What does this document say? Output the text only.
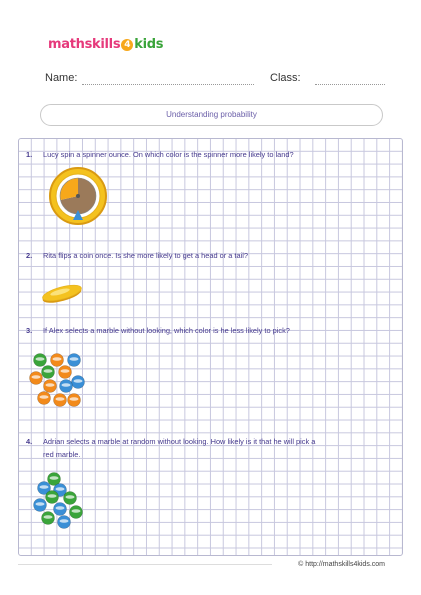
mathskills 4 kids
Name:	Class:
Understanding probability
1. Lucy spin a spinner ounce. On which color is the spinner more likely to land?
2. Rita flips a coin once. Is she more likely to get a head or a tail?
3. If Alex selects a marble without looking, which color is he less likely to pick?
4. Adrian selects a marble at random without looking. How likely is it that he will pick a
red marble.
© http://mathskills4kids.com
